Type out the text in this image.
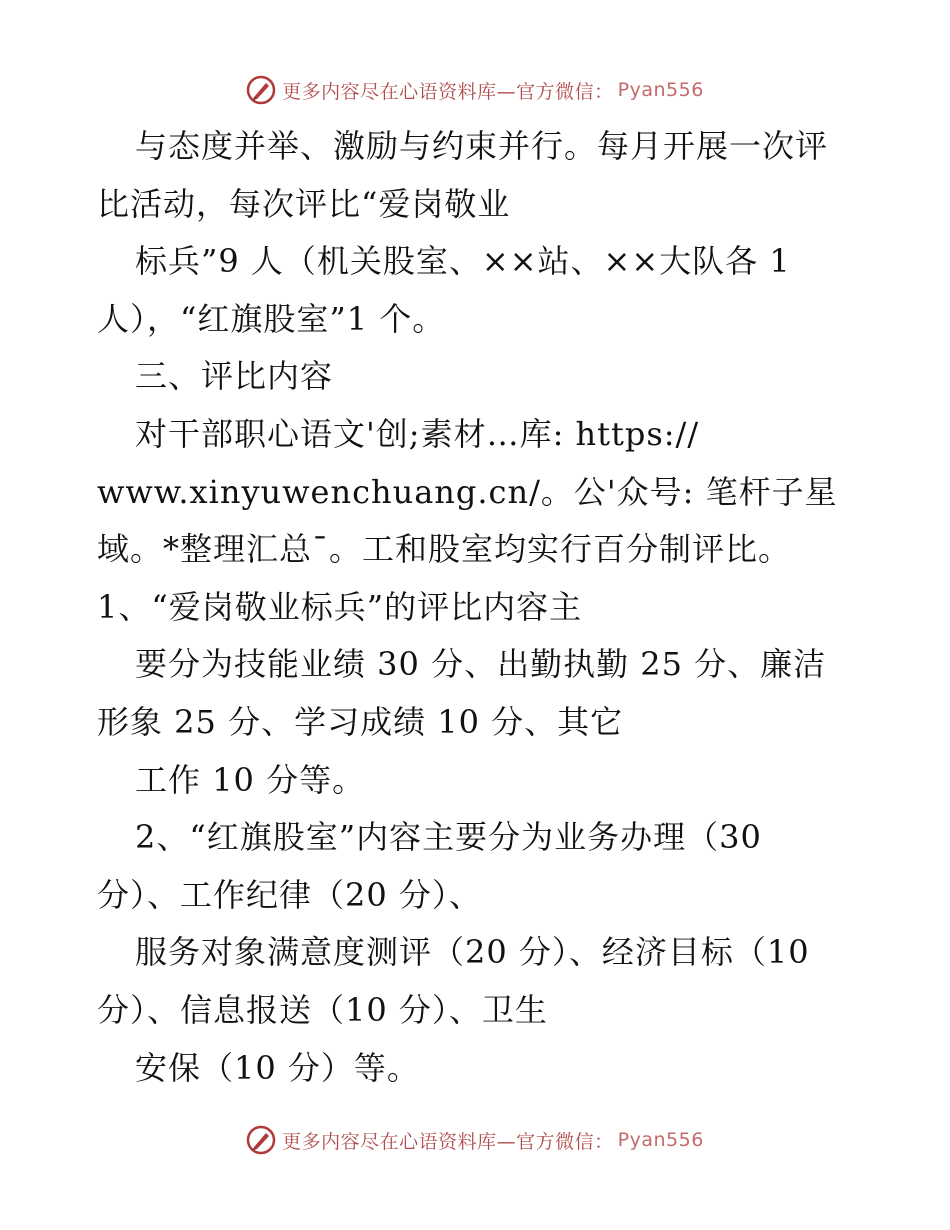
更多内容尽在心语资料库—官方微信： Pyan556
与态度并举、激励与约束并行。每月开展一次评
比活动，每次评比“爱岗敬业
标兵”9 人（机关股室、××站、××大队各 1
人），“红旗股室”1 个。
三、评比内容
对干部职心语文'创;素材…库: https://
www.xinyuwenchuang.cn/。公'众号: 笔杆子星
域。*整理汇总¯。工和股室均实行百分制评比。
1、“爱岗敬业标兵”的评比内容主
要分为技能业绩 30 分、出勤执勤 25 分、廉洁
形象 25 分、学习成绩 10 分、其它
工作 10 分等。
2、“红旗股室”内容主要分为业务办理（30
分）、工作纪律（20 分）、
服务对象满意度测评（20 分）、经济目标（10
分）、信息报送（10 分）、卫生
安保（10 分）等。
更多内容尽在心语资料库—官方微信： Pyan556
